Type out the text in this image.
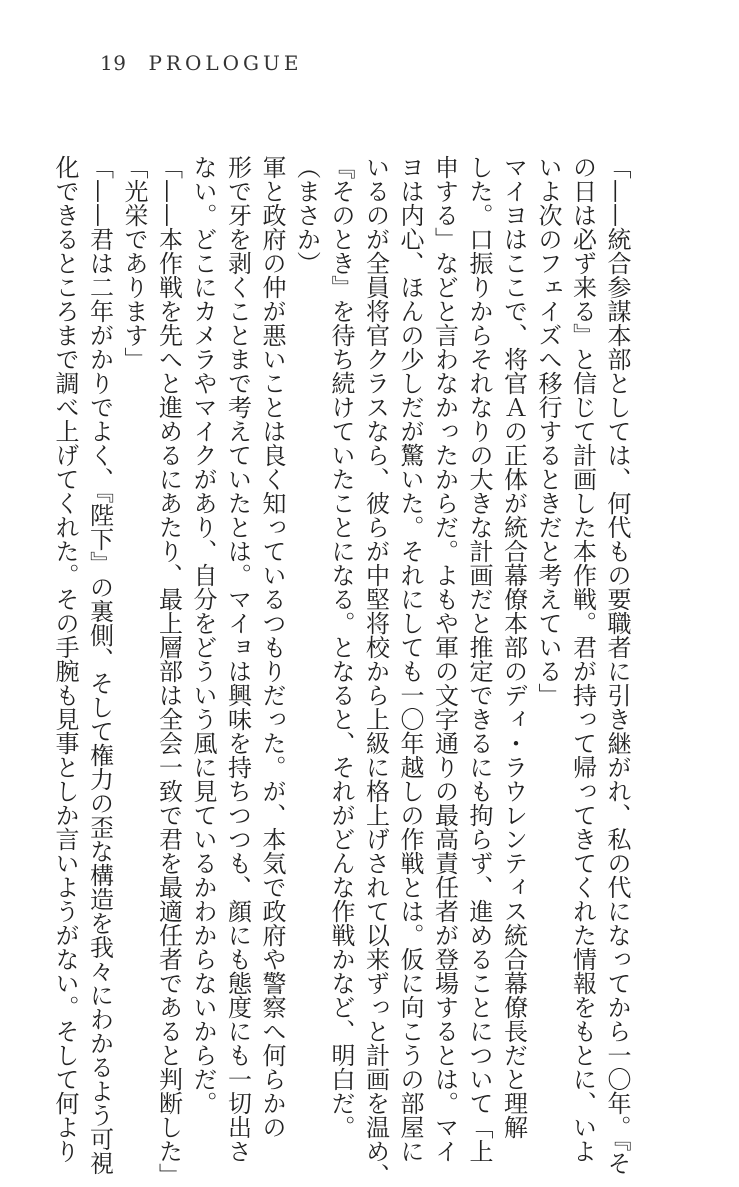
19 PROLOGUE
「——統合参謀本部としては、何代もの要職者に引き継がれ、私の代になってから一〇年。『そ
の日は必ず来る』と信じて計画した本作戦。君が持って帰ってきてくれた情報をもとに、いよ
いよ次のフェイズへ移行するときだと考えている」
マイヨはここで、将官Ａの正体が統合幕僚本部のディ・ラウレンティス統合幕僚長だと理解
した。口振りからそれなりの大きな計画だと推定できるにも拘らず、進めることについて「上
申する」などと言わなかったからだ。よもや軍の文字通りの最高責任者が登場するとは。マイ
ヨは内心、ほんの少しだが驚いた。それにしても一〇年越しの作戦とは。仮に向こうの部屋に
いるのが全員将官クラスなら、彼らが中堅将校から上級に格上げされて以来ずっと計画を温め、
『そのとき』を待ち続けていたことになる。となると、それがどんな作戦かなど、明白だ。
（まさか）
軍と政府の仲が悪いことは良く知っているつもりだった。が、本気で政府や警察へ何らかの
形で牙を剥くことまで考えていたとは。マイョは興味を持ちつつも、顔にも態度にも一切出さ
ない。どこにカメラやマイクがあり、自分をどういう風に見ているかわからないからだ。
「——本作戦を先へと進めるにあたり、最上層部は全会一致で君を最適任者であると判断した」
「光栄であります」
「——君は二年がかりでよく、『陛下』の裏側、そして権力の歪な構造を我々にわかるよう可視
化できるところまで調べ上げてくれた。その手腕も見事としか言いようがない。そして何より
